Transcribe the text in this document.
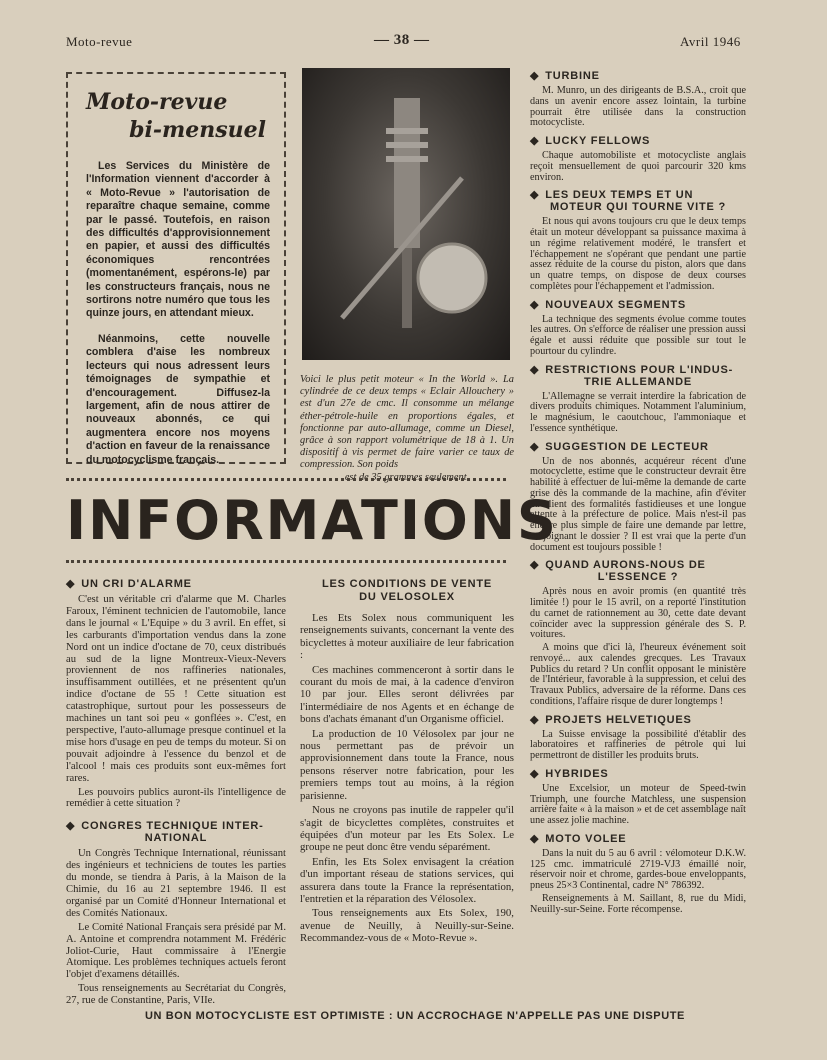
Moto-revue	— 38 —	Avril 1946
Moto-revue
bi-mensuel
Les Services du Ministère de l'Information viennent d'accorder à « Moto-Revue » l'autorisation de reparaître chaque semaine, comme par le passé. Toutefois, en raison des difficultés d'approvisionnement en papier, et aussi des difficultés économiques rencontrées (momentanément, espérons-le) par les constructeurs français, nous ne sortirons notre numéro que tous les quinze jours, en attendant mieux.
Néanmoins, cette nouvelle comblera d'aise les nombreux lecteurs qui nous adressent leurs témoignages de sympathie et d'encouragement. Diffusez-la largement, afin de nous attirer de nouveaux abonnés, ce qui augmentera encore nos moyens d'action en faveur de la renaissance du motocyclisme français.
Voici le plus petit moteur « In the World ». La cylindrée de ce deux temps « Eclair Allouchery » est d'un 27e de cmc. Il consomme un mélange éther-pétrole-huile en proportions égales, et fonctionne par auto-allumage, comme un Diesel, grâce à son rapport volumétrique de 18 à 1. Un dispositif à vis permet de faire varier ce taux de compression. Son poids
est de 35 grammes seulement.
INFORMATIONS
◆ UN CRI D'ALARME

C'est un véritable cri d'alarme que M. Charles Faroux, l'éminent technicien de l'automobile, lance dans le journal « L'Equipe » du 3 avril. En effet, si les carburants d'importation vendus dans la zone Nord ont un indice d'octane de 70, ceux distribués au sud de la ligne Montreux-Vieux-Nevers proviennent de nos raffineries nationales, insuffisamment outillées, et ne présentent qu'un indice d'octane de 55 ! Cette situation est catastrophique, surtout pour les possesseurs de machines un tant soi peu « gonflées ». C'est, en perspective, l'auto-allumage presque continuel et la mise hors d'usage en peu de temps du moteur. Si on pouvait adjoindre à l'essence du benzol et de l'alcool ! mais ces produits sont eux-mêmes fort rares.

Les pouvoirs publics auront-ils l'intelligence de remédier à cette situation ?

◆ CONGRES TECHNIQUE INTER-
NATIONAL

Un Congrès Technique International, réunissant des ingénieurs et techniciens de toutes les parties du monde, se tiendra à Paris, à la Maison de la Chimie, du 16 au 21 septembre 1946. Il est organisé par un Comité d'Honneur International et des Comités Nationaux.

Le Comité National Français sera présidé par M. A. Antoine et comprendra notamment M. Frédéric Joliot-Curie, Haut commissaire à l'Energie Atomique. Les problèmes techniques actuels feront l'objet d'examens détaillés.

Tous renseignements au Secrétariat du Congrès, 27, rue de Constantine, Paris, VIIe.

LES CONDITIONS DE VENTE
DU VELOSOLEX

Les Ets Solex nous communiquent les renseignements suivants, concernant la vente des bicyclettes à moteur auxiliaire de leur fabrication :

Ces machines commenceront à sortir dans le courant du mois de mai, à la cadence d'environ 10 par jour. Elles seront délivrées par l'intermédiaire de nos Agents et en échange de bons d'achats émanant d'un Organisme officiel.

La production de 10 Vélosolex par jour ne nous permettant pas de prévoir un approvisionnement dans toute la France, nous pensons réserver notre fabrication, pour les premiers temps tout au moins, à la région parisienne.

Nous ne croyons pas inutile de rappeler qu'il s'agit de bicyclettes complètes, construites et équipées d'un moteur par les Ets Solex. Le groupe ne peut donc être vendu séparément.

Enfin, les Ets Solex envisagent la création d'un important réseau de stations services, qui assurera dans toute la France la représentation, l'entretien et la réparation des Vélosolex.

Tous renseignements aux Ets Solex, 190, avenue de Neuilly, à Neuilly-sur-Seine. Recommandez-vous de « Moto-Revue ».

◆ TURBINE

M. Munro, un des dirigeants de B.S.A., croit que dans un avenir encore assez lointain, la turbine pourrait être utilisée dans la construction motocycliste.

◆ LUCKY FELLOWS

Chaque automobiliste et motocycliste anglais reçoit mensuellement de quoi parcourir 320 kms environ.

◆ LES DEUX TEMPS ET UN
MOTEUR QUI TOURNE VITE ?

Et nous qui avons toujours cru que le deux temps était un moteur développant sa puissance maxima à un régime relativement modéré, le transfert et l'échappement ne s'opérant que pendant une partie assez réduite de la course du piston, alors que dans un quatre temps, on dispose de deux courses complètes pour l'échappement et l'admission.

◆ NOUVEAUX SEGMENTS

La technique des segments évolue comme toutes les autres. On s'efforce de réaliser une pression aussi égale et aussi réduite que possible sur tout le pourtour du cylindre.

◆ RESTRICTIONS POUR L'INDUS-
TRIE ALLEMANDE

L'Allemagne se verrait interdire la fabrication de divers produits chimiques. Notamment l'aluminium, le magnésium, le caoutchouc, l'ammoniaque et l'essence synthétique.

◆ SUGGESTION DE LECTEUR

Un de nos abonnés, acquéreur récent d'une motocyclette, estime que le constructeur devrait être habilité à effectuer de lui-même la demande de carte grise dès la commande de la machine, afin d'éviter au client des formalités fastidieuses et une longue attente à la préfecture de police. Mais n'est-il pas encore plus simple de faire une demande par lettre, en joignant le dossier ? Il est vrai que la perte d'un document est toujours possible !

◆ QUAND AURONS-NOUS DE
L'ESSENCE ?

Après nous en avoir promis (en quantité très limitée !) pour le 15 avril, on a reporté l'institution du carnet de rationnement au 30, cette date devant coïncider avec la suppression générale des S. P. voitures.

A moins que d'ici là, l'heureux événement soit renvoyé... aux calendes grecques. Les Travaux Publics du retard ? Un conflit opposant le ministère de l'Intérieur, favorable à la suppression, et celui des Travaux Publics, adversaire de la réforme. Dans ces conditions, l'affaire risque de durer longtemps !

◆ PROJETS HELVETIQUES

La Suisse envisage la possibilité d'établir des laboratoires et raffineries de pétrole qui lui permettront de distiller les produits bruts.

◆ HYBRIDES

Une Excelsior, un moteur de Speed-twin Triumph, une fourche Matchless, une suspension arrière faite « à la maison » et de cet assemblage naît une assez jolie machine.

◆ MOTO VOLEE

Dans la nuit du 5 au 6 avril : vélomoteur D.K.W. 125 cmc. immatriculé 2719-VJ3 émaillé noir, réservoir noir et chrome, gardes-boue enveloppants, pneus 25×3 Continental, cadre N° 786392.

Renseignements à M. Saillant, 8, rue du Midi, Neuilly-sur-Seine. Forte récompense.

UN BON MOTOCYCLISTE EST OPTIMISTE : UN ACCROCHAGE N'APPELLE PAS UNE DISPUTE
